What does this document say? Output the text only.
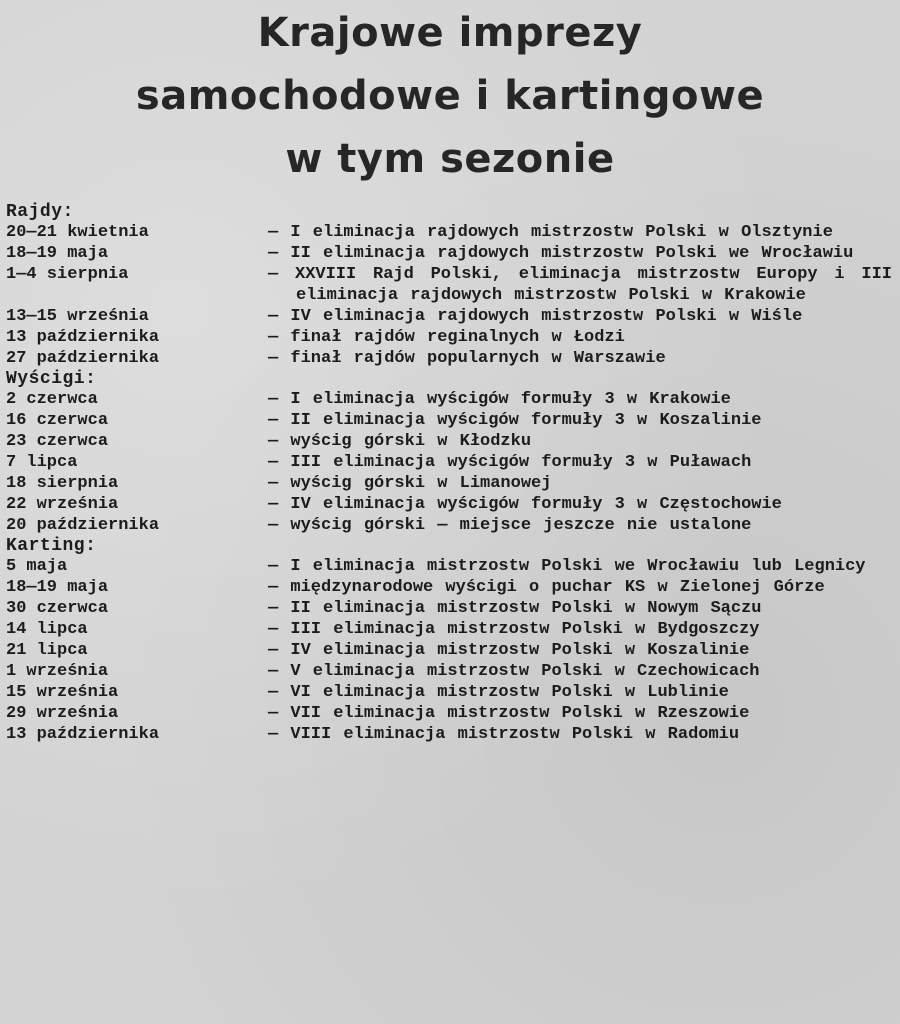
Krajowe imprezy
samochodowe i kartingowe
w tym sezonie
Rajdy:
20—21 kwietnia	— I eliminacja rajdowych mistrzostw Polski w Olsztynie
18—19 maja	— II eliminacja rajdowych mistrzostw Polski we Wrocławiu
1—4 sierpnia	— XXVIII Rajd Polski, eliminacja mistrzostw Europy i III eliminacja rajdowych mistrzostw Polski w Krakowie
13—15 września	— IV eliminacja rajdowych mistrzostw Polski w Wiśle
13 października	— finał rajdów reginalnych w Łodzi
27 października	— finał rajdów popularnych w Warszawie
Wyścigi:
2 czerwca	— I eliminacja wyścigów formuły 3 w Krakowie
16 czerwca	— II eliminacja wyścigów formuły 3 w Koszalinie
23 czerwca	— wyścig górski w Kłodzku
7 lipca	— III eliminacja wyścigów formuły 3 w Puławach
18 sierpnia	— wyścig górski w Limanowej
22 września	— IV eliminacja wyścigów formuły 3 w Częstochowie
20 października	— wyścig górski — miejsce jeszcze nie ustalone
Karting:
5 maja	— I eliminacja mistrzostw Polski we Wrocławiu lub Legnicy
18—19 maja	— międzynarodowe wyścigi o puchar KS w Zielonej Górze
30 czerwca	— II eliminacja mistrzostw Polski w Nowym Sączu
14 lipca	— III eliminacja mistrzostw Polski w Bydgoszczy
21 lipca	— IV eliminacja mistrzostw Polski w Koszalinie
1 września	— V eliminacja mistrzostw Polski w Czechowicach
15 września	— VI eliminacja mistrzostw Polski w Lublinie
29 września	— VII eliminacja mistrzostw Polski w Rzeszowie
13 października	— VIII eliminacja mistrzostw Polski w Radomiu
